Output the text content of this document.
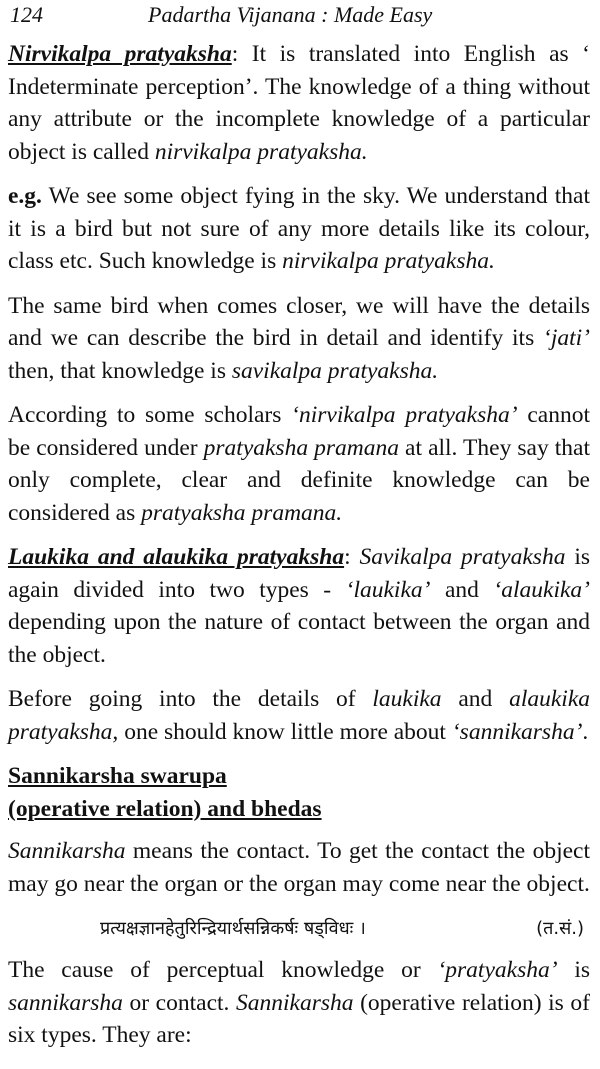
124	Padartha Vijanana : Made Easy

Nirvikalpa pratyaksha: It is translated into English as ‘ Indeterminate perception’. The knowledge of a thing without any attribute or the incomplete knowledge of a particular object is called nirvikalpa pratyaksha.

e.g. We see some object fying in the sky. We understand that it is a bird but not sure of any more details like its colour, class etc. Such knowledge is nirvikalpa pratyaksha.

The same bird when comes closer, we will have the details and we can describe the bird in detail and identify its ‘jati’ then, that knowledge is savikalpa pratyaksha.

According to some scholars ‘nirvikalpa pratyaksha’ cannot be considered under pratyaksha pramana at all. They say that only complete, clear and definite knowledge can be considered as pratyaksha pramana.

Laukika and alaukika pratyaksha: Savikalpa pratyaksha is again divided into two types - ‘laukika’ and ‘alaukika’ depending upon the nature of contact between the organ and the object.

Before going into the details of laukika and alaukika pratyaksha, one should know little more about ‘sannikarsha’.

Sannikarsha swarupa
(operative relation) and bhedas

Sannikarsha means the contact. To get the contact the object may go near the organ or the organ may come near the object.

प्रत्यक्षज्ञानहेतुरिन्द्रियार्थसन्निकर्षः षड्विधः ।	(त.सं.)

The cause of perceptual knowledge or ‘pratyaksha’ is sannikarsha or contact. Sannikarsha (operative relation) is of six types. They are:
